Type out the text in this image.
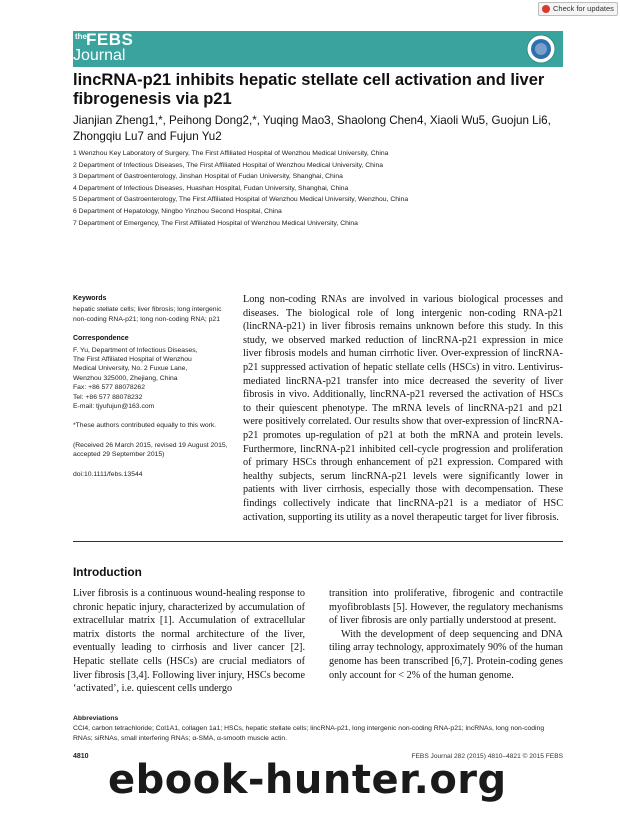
Check for updates
the FEBS
Journal
lincRNA-p21 inhibits hepatic stellate cell activation and liver fibrogenesis via p21
Jianjian Zheng1,*, Peihong Dong2,*, Yuqing Mao3, Shaolong Chen4, Xiaoli Wu5, Guojun Li6, Zhongqiu Lu7 and Fujun Yu2
1 Wenzhou Key Laboratory of Surgery, The First Affiliated Hospital of Wenzhou Medical University, China
2 Department of Infectious Diseases, The First Affiliated Hospital of Wenzhou Medical University, China
3 Department of Gastroenterology, Jinshan Hospital of Fudan University, Shanghai, China
4 Department of Infectious Diseases, Huashan Hospital, Fudan University, Shanghai, China
5 Department of Gastroenterology, The First Affiliated Hospital of Wenzhou Medical University, Wenzhou, China
6 Department of Hepatology, Ningbo Yinzhou Second Hospital, China
7 Department of Emergency, The First Affiliated Hospital of Wenzhou Medical University, China
Keywords
hepatic stellate cells; liver fibrosis; long intergenic non-coding RNA-p21; long non-coding RNA; p21
Correspondence
F. Yu, Department of Infectious Diseases,
The First Affiliated Hospital of Wenzhou
Medical University, No. 2 Fuxue Lane,
Wenzhou 325000, Zhejiang, China
Fax: +86 577 88078262
Tel: +86 577 88078232
E-mail: tjyufujun@163.com
*These authors contributed equally to this work.
(Received 26 March 2015, revised 19 August 2015, accepted 29 September 2015)
doi:10.1111/febs.13544
Long non-coding RNAs are involved in various biological processes and diseases. The biological role of long intergenic non-coding RNA-p21 (lincRNA-p21) in liver fibrosis remains unknown before this study. In this study, we observed marked reduction of lincRNA-p21 expression in mice liver fibrosis models and human cirrhotic liver. Over-expression of lincRNA-p21 suppressed activation of hepatic stellate cells (HSCs) in vitro. Lentivirus-mediated lincRNA-p21 transfer into mice decreased the severity of liver fibrosis in vivo. Additionally, lincRNA-p21 reversed the activation of HSCs to their quiescent phenotype. The mRNA levels of lincRNA-p21 and p21 were positively correlated. Our results show that over-expression of lincRNA-p21 promotes up-regulation of p21 at both the mRNA and protein levels. Furthermore, lincRNA-p21 inhibited cell-cycle progression and proliferation of primary HSCs through enhancement of p21 expression. Compared with healthy subjects, serum lincRNA-p21 levels were significantly lower in patients with liver cirrhosis, especially those with decompensation. These findings collectively indicate that lincRNA-p21 is a mediator of HSC activation, supporting its utility as a novel therapeutic target for liver fibrosis.
Introduction
Liver fibrosis is a continuous wound-healing response to chronic hepatic injury, characterized by accumulation of extracellular matrix [1]. Accumulation of extracellular matrix distorts the normal architecture of the liver, eventually leading to cirrhosis and liver cancer [2]. Hepatic stellate cells (HSCs) are crucial mediators of liver fibrosis [3,4]. Following liver injury, HSCs become ‘activated’, i.e. quiescent cells undergo
transition into proliferative, fibrogenic and contractile myofibroblasts [5]. However, the regulatory mechanisms of liver fibrosis are only partially understood at present.
With the development of deep sequencing and DNA tiling array technology, approximately 90% of the human genome has been transcribed [6,7]. Protein-coding genes only account for < 2% of the human genome.
Abbreviations
CCl4, carbon tetrachloride; Col1A1, collagen 1a1; HSCs, hepatic stellate cells; lincRNA-p21, long intergenic non-coding RNA-p21; lncRNAs, long non-coding RNAs; siRNAs, small interfering RNAs; α-SMA, α-smooth muscle actin.
4810	FEBS Journal 282 (2015) 4810–4821 © 2015 FEBS
ebook-hunter.org
